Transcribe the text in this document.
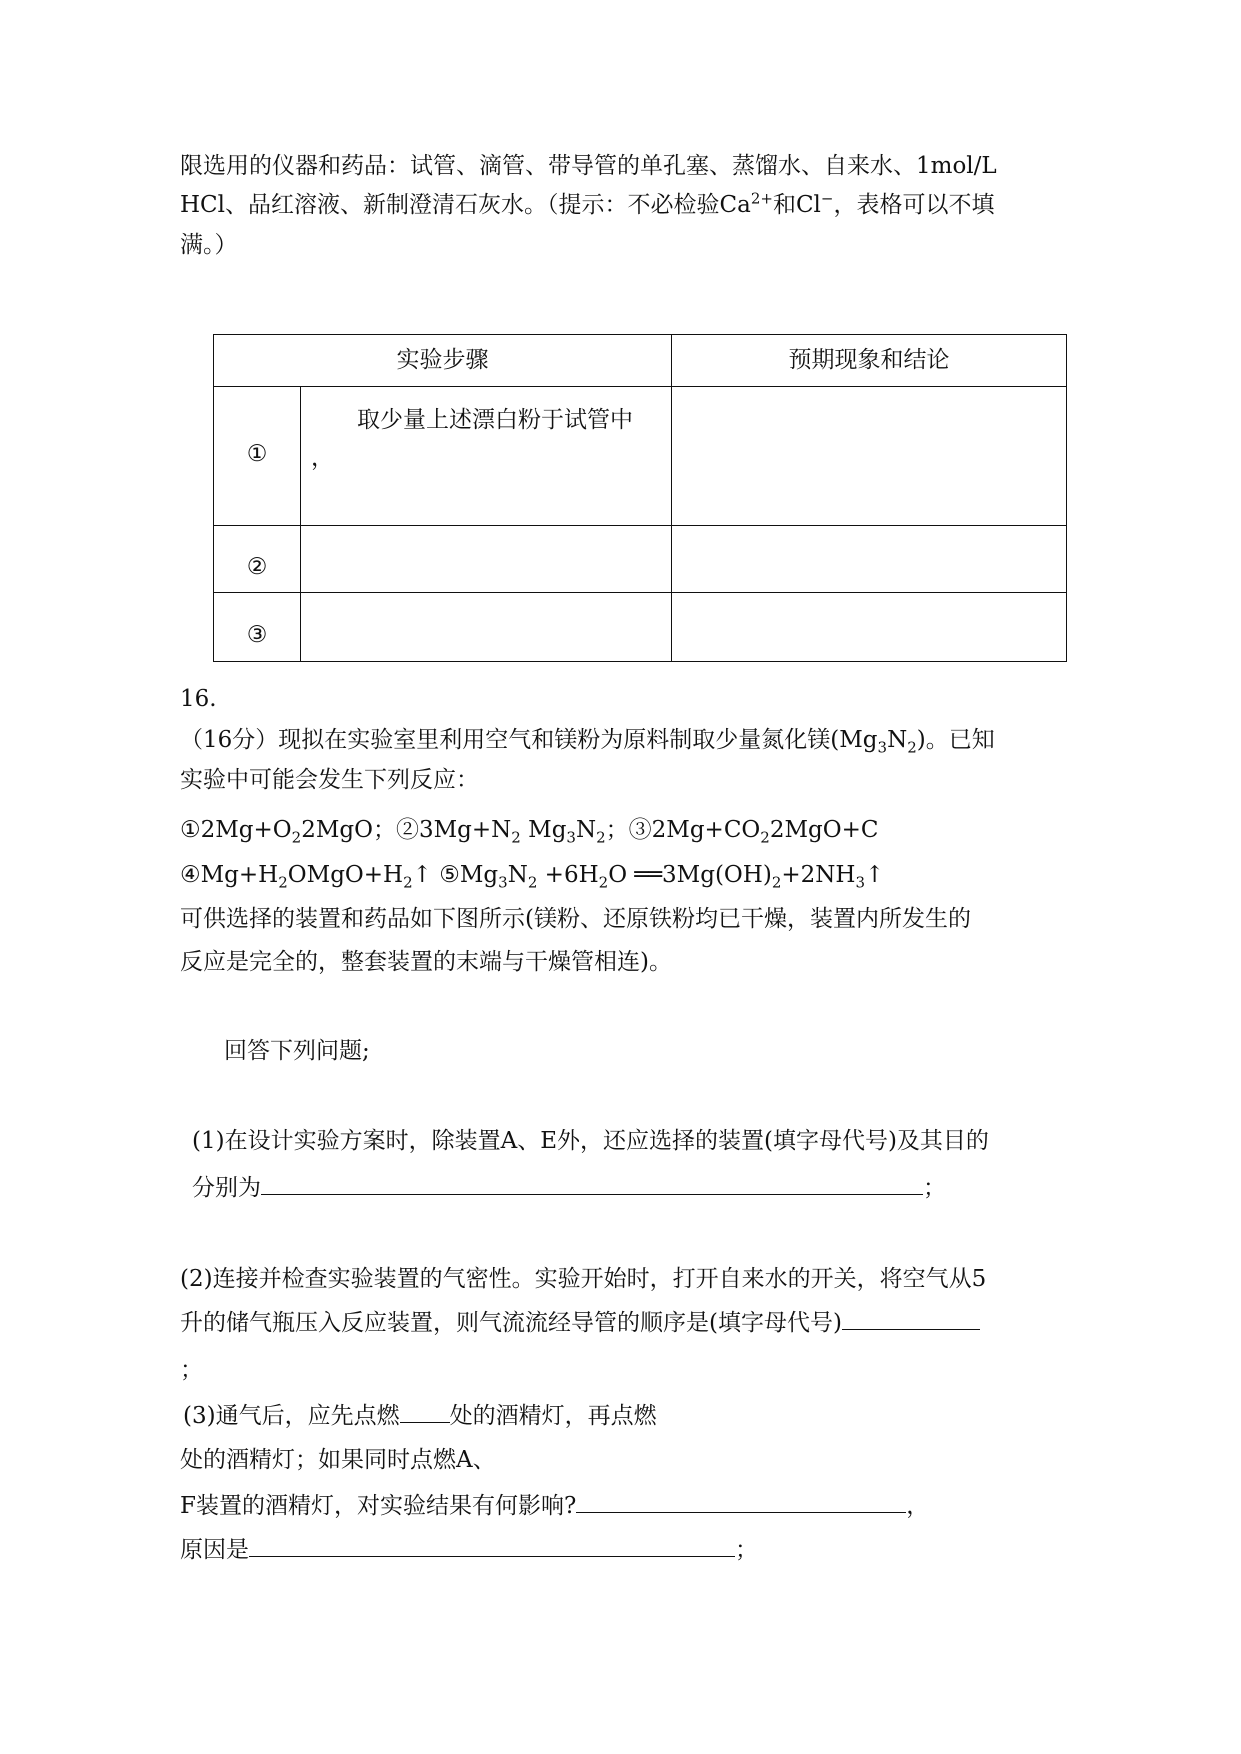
限选用的仪器和药品：试管、滴管、带导管的单孔塞、蒸馏水、自来水、1mol/L
HCl、品红溶液、新制澄清石灰水。（提示：不必检验$Ca^{2+}$和Cl−，表格可以不填
满。）
实验步骤		预期现象和结论

①	取少量上述漂白粉于试管中
，	

②		

③		

16.
（16分）现拟在实验室里利用空气和镁粉为原料制取少量氮化镁$(Mg_3N_2)$。已知
实验中可能会发生下列反应：
$①2Mg+O_22MgO$；$②3Mg+N_2$ $Mg_3N_2$；$③2Mg+CO_22MgO+C$
$④Mg+H_2OMgO+H_2↑$ $⑤Mg_3N_2 +6H_2O$ $══3Mg(OH)_2+2NH_3↑$
可供选择的装置和药品如下图所示(镁粉、还原铁粉均已干燥，装置内所发生的
反应是完全的，整套装置的末端与干燥管相连)。
回答下列问题;
(1)在设计实验方案时，除装置A、E外，还应选择的装置(填字母代号)及其目的
分别为	；
(2)连接并检查实验装置的气密性。实验开始时，打开自来水的开关，将空气从5
升的储气瓶压入反应装置，则气流流经导管的顺序是(填字母代号)
；
(3)通气后，应先点燃 处的酒精灯，再点燃
处的酒精灯；如果同时点燃A、
F装置的酒精灯，对实验结果有何影响?	，
原因是	；
